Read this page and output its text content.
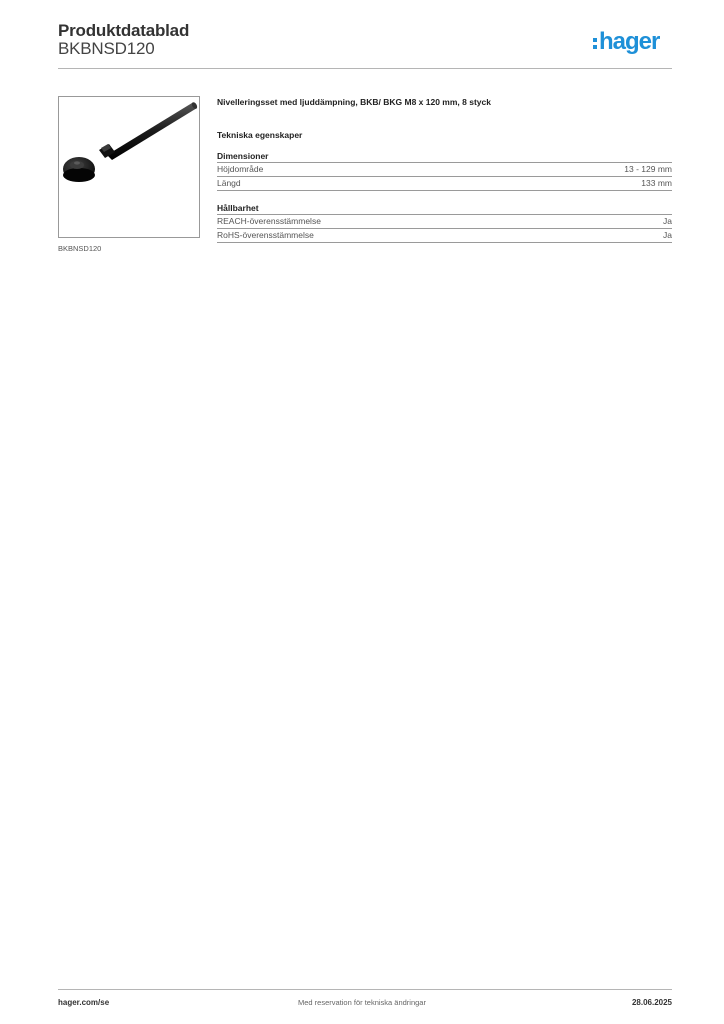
Produktdatablad
BKBNSD120	hager
BKBNSD120
Nivelleringsset med ljuddämpning, BKB/ BKG M8 x 120 mm, 8 styck
Tekniska egenskaper
Dimensioner
Höjdområde	13 - 129 mm
Längd	133 mm
Hållbarhet
REACH-överensstämmelse	Ja
RoHS-överensstämmelse	Ja
hager.com/se	Med reservation för tekniska ändringar	28.06.2025
